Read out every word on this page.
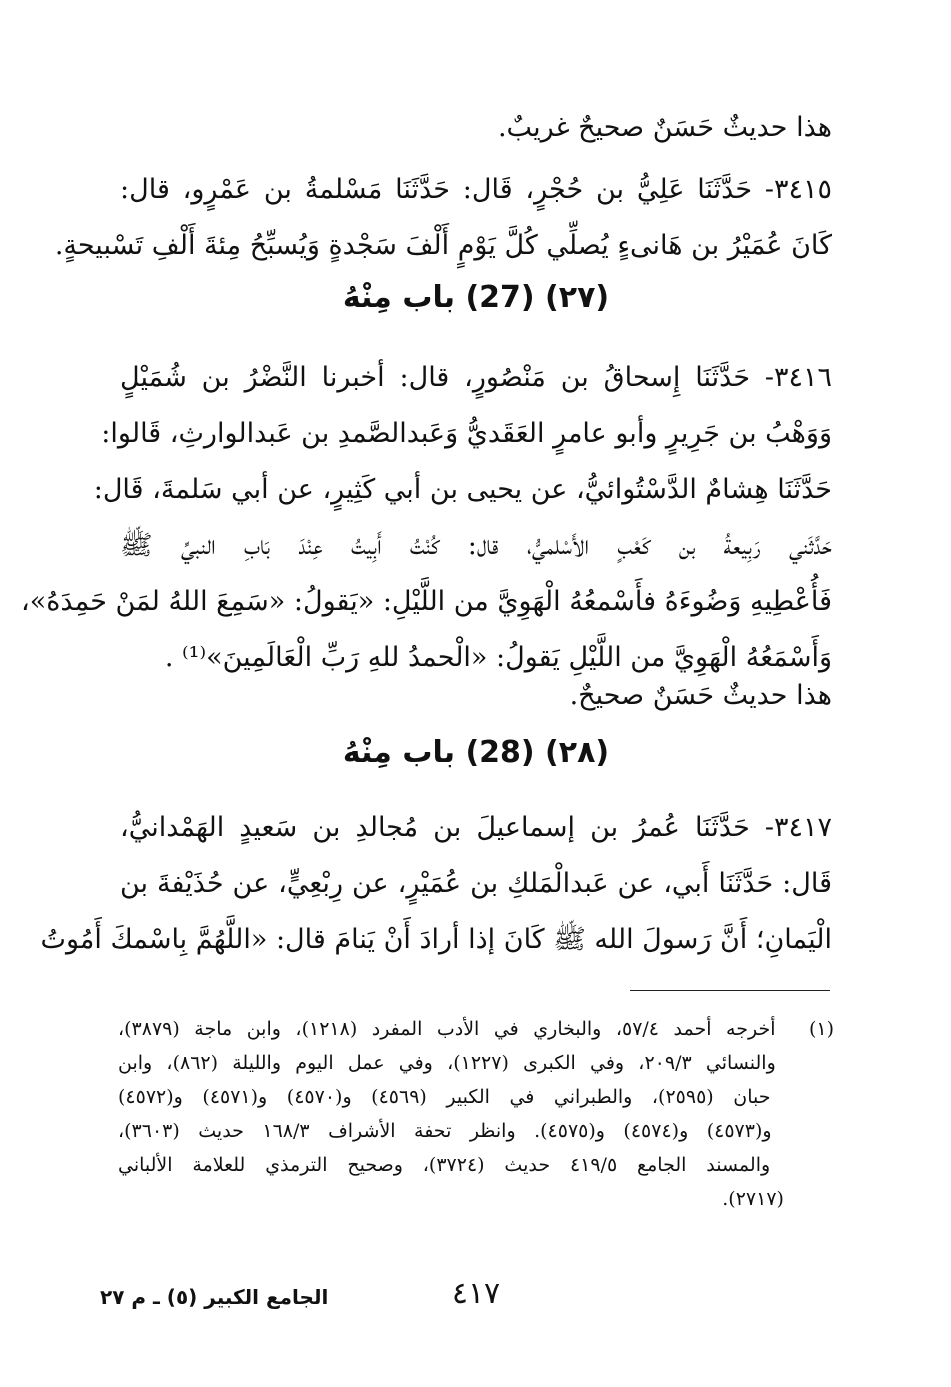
هذا حديثٌ حَسَنٌ صحيحٌ غريبٌ.
٣٤١٥- حَدَّثَنَا عَلِيُّ بن حُجْرٍ، قَال: حَدَّثَنَا مَسْلمةُ بن عَمْرٍو، قال:
كَانَ عُمَيْرُ بن هَانىءٍ يُصلِّي كُلَّ يَوْمٍ أَلْفَ سَجْدةٍ وَيُسبِّحُ مِئةَ أَلْفِ تَسْبيحةٍ.
(٢٧) (27) باب مِنْهُ
٣٤١٦- حَدَّثَنَا إِسحاقُ بن مَنْصُورٍ، قال: أخبرنا النَّضْرُ بن شُمَيْلٍ
وَوَهْبُ بن جَرِيرٍ وأبو عامرٍ العَقَديُّ وَعَبدالصَّمدِ بن عَبدالوارثِ، قَالوا:
حَدَّثَنَا هِشامٌ الدَّسْتُوائيُّ، عن يحيى بن أبي كَثِيرٍ، عن أبي سَلمةَ، قَال:
حَدَّثَني رَبِيعةُ بن كَعْبٍ الأَسْلميُّ، قال: كُنْتُ أَبِيتُ عِنْدَ بَابِ النبيِّ ﷺ
فَأُعْطِيهِ وَضُوءَهُ فأَسْمعُهُ الْهَوِيَّ من اللَّيْلِ: «يَقولُ: «سَمِعَ اللهُ لمَنْ حَمِدَهُ»،
وَأَسْمَعُهُ الْهَوِيَّ من اللَّيْلِ يَقولُ: «الْحمدُ للهِ رَبِّ الْعَالَمِينَ»⁽¹⁾ .
هذا حديثٌ حَسَنٌ صحيحٌ.
(٢٨) (28) باب مِنْهُ
٣٤١٧- حَدَّثَنَا عُمرُ بن إسماعيلَ بن مُجالدِ بن سَعيدٍ الهَمْدانيُّ،
قَال: حَدَّثَنَا أَبي، عن عَبدالْمَلكِ بن عُمَيْرٍ، عن رِبْعِيٍّ، عن حُذَيْفةَ بن
الْيَمانِ؛ أَنَّ رَسولَ الله ﷺ كَانَ إذا أرادَ أَنْ يَنامَ قال: «اللَّهُمَّ بِاسْمكَ أَمُوتُ
(١) أخرجه أحمد ٥٧/٤، والبخاري في الأدب المفرد (١٢١٨)، وابن ماجة (٣٨٧٩)،
والنسائي ٢٠٩/٣، وفي الكبرى (١٢٢٧)، وفي عمل اليوم والليلة (٨٦٢)، وابن
حبان (٢٥٩٥)، والطبراني في الكبير (٤٥٦٩) و(٤٥٧٠) و(٤٥٧١) و(٤٥٧٢)
و(٤٥٧٣) و(٤٥٧٤) و(٤٥٧٥). وانظر تحفة الأشراف ١٦٨/٣ حديث (٣٦٠٣)،
والمسند الجامع ٤١٩/٥ حديث (٣٧٢٤)، وصحيح الترمذي للعلامة الألباني
(٢٧١٧).
٤١٧
الجامع الكبير (٥) ـ م ٢٧
